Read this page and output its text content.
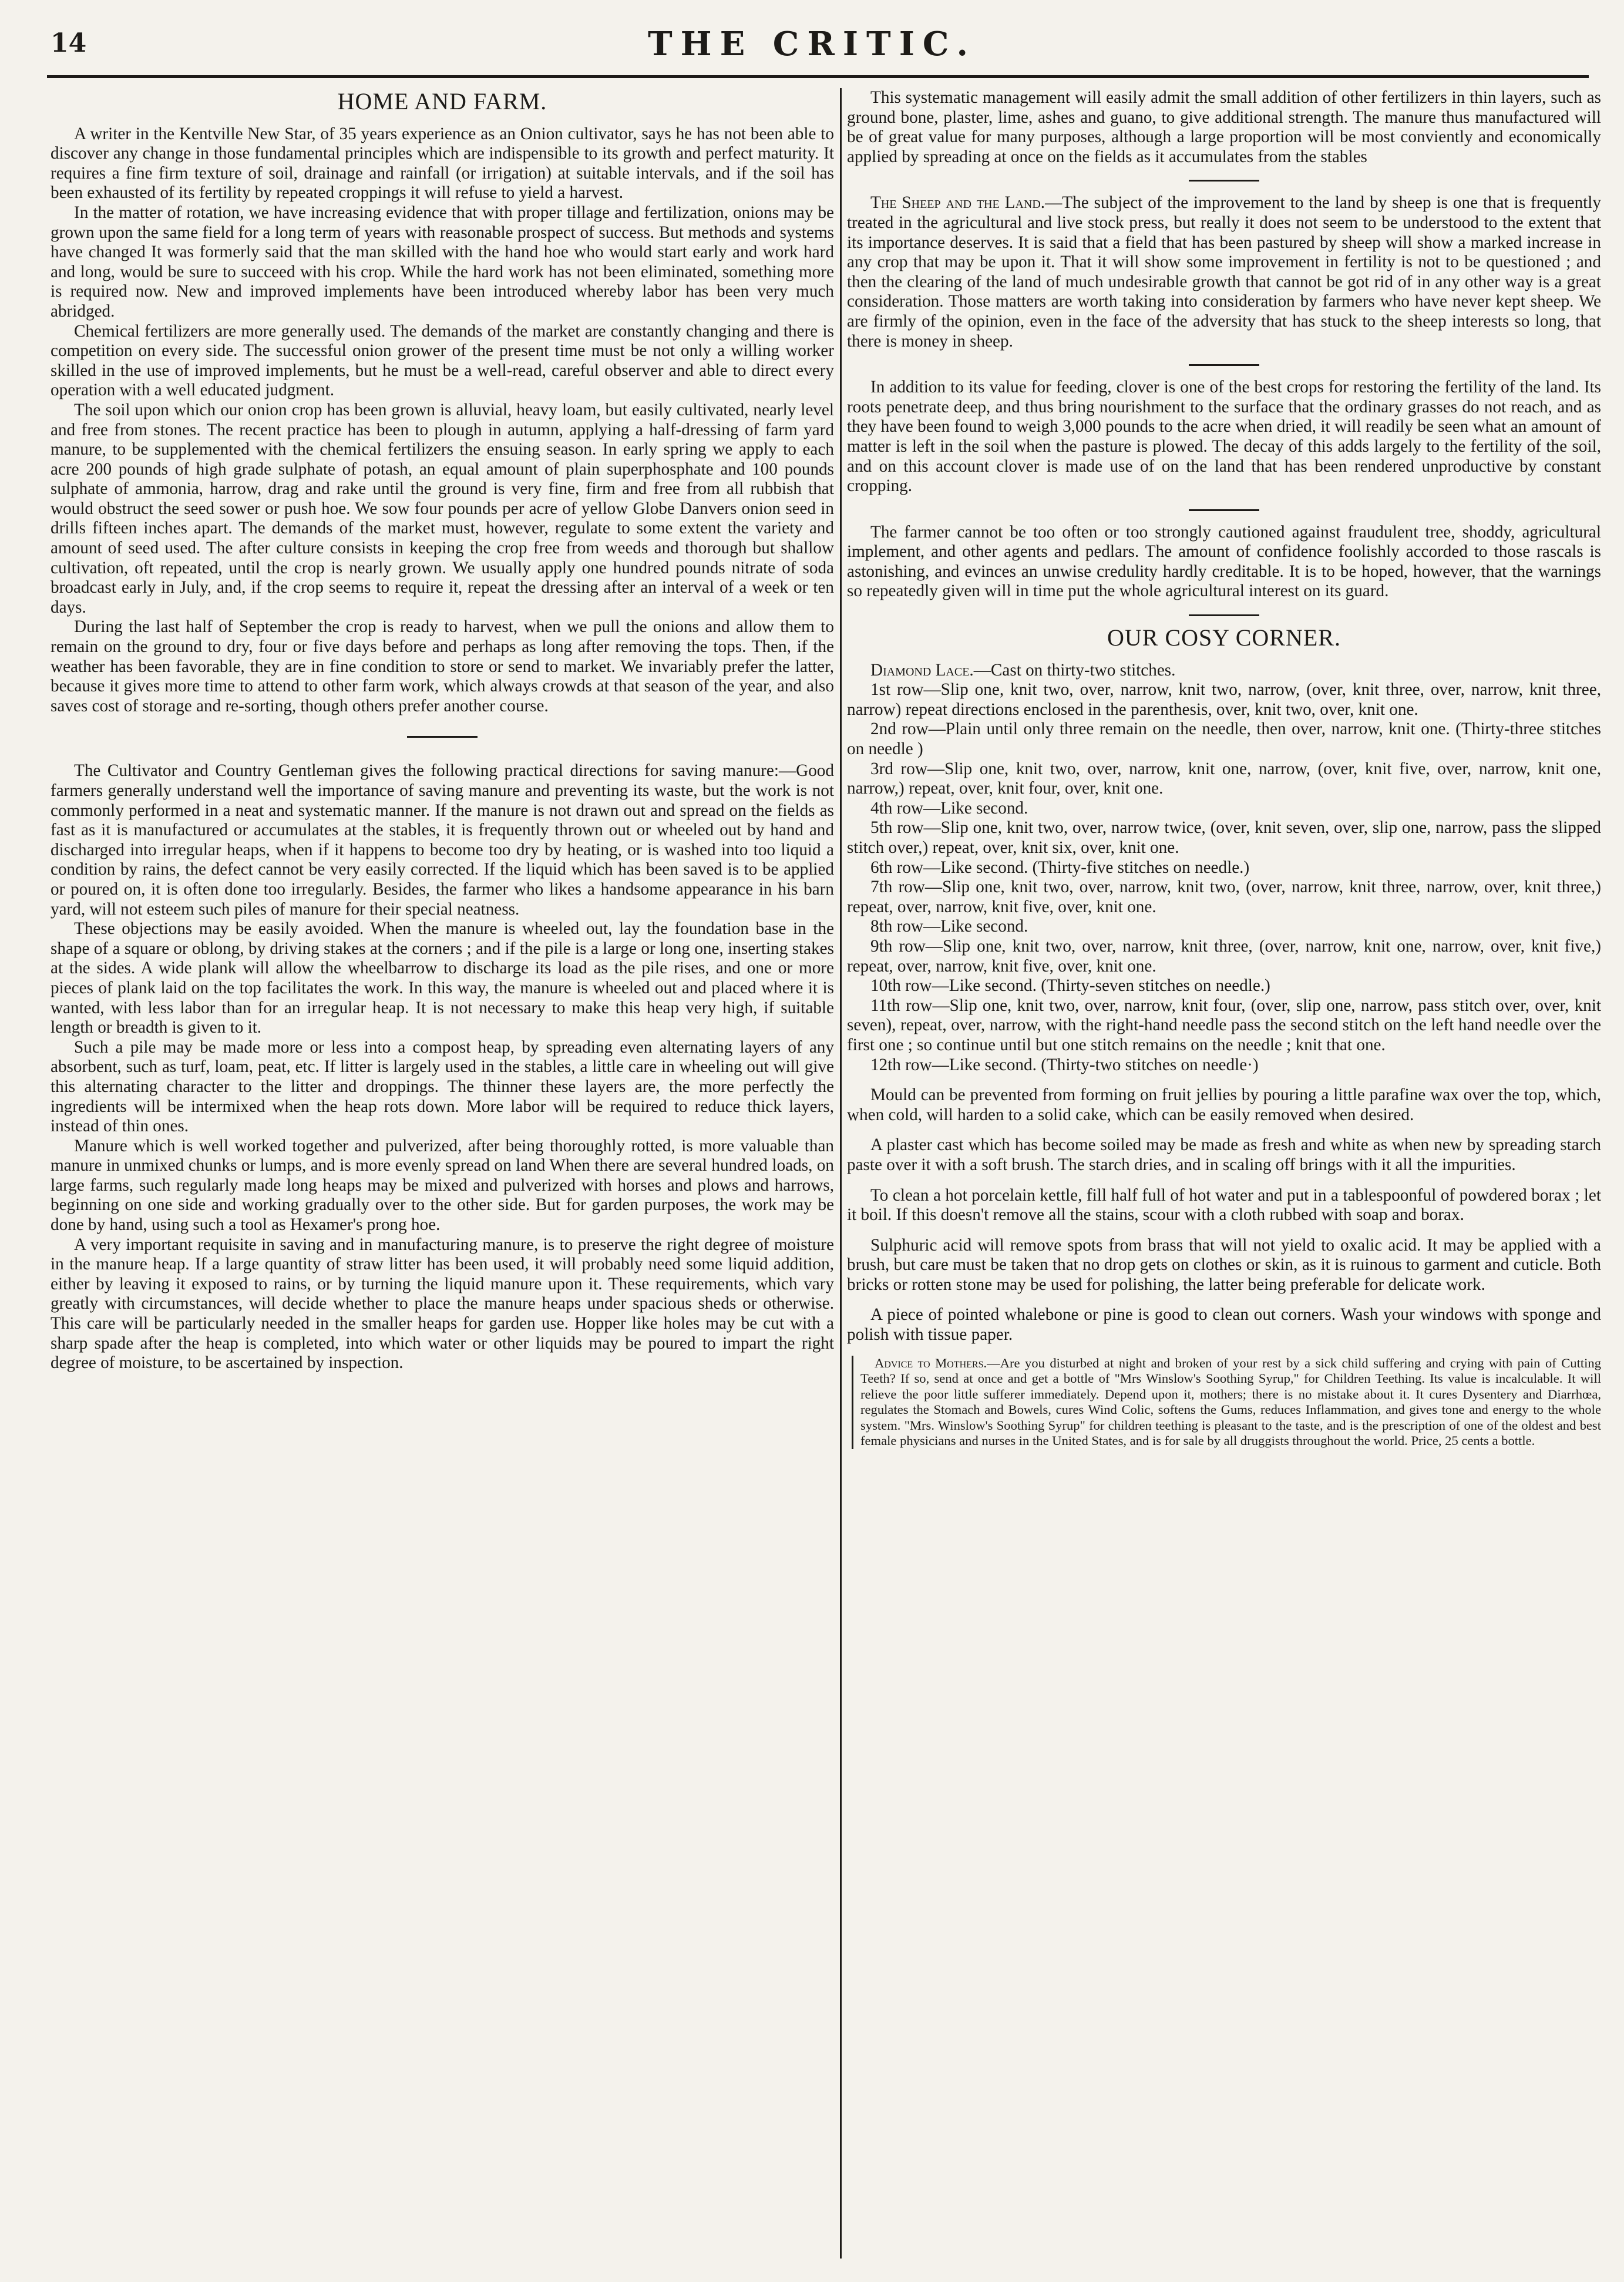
14	THE CRITIC.
HOME AND FARM.

A writer in the Kentville New Star, of 35 years experience as an Onion cultivator, says he has not been able to discover any change in those fundamental principles which are indispensible to its growth and perfect maturity. It requires a fine firm texture of soil, drainage and rainfall (or irrigation) at suitable intervals, and if the soil has been exhausted of its fertility by repeated croppings it will refuse to yield a harvest.

In the matter of rotation, we have increasing evidence that with proper tillage and fertilization, onions may be grown upon the same field for a long term of years with reasonable prospect of success. But methods and systems have changed It was formerly said that the man skilled with the hand hoe who would start early and work hard and long, would be sure to succeed with his crop. While the hard work has not been eliminated, something more is required now. New and improved implements have been introduced whereby labor has been very much abridged.

Chemical fertilizers are more generally used. The demands of the market are constantly changing and there is competition on every side. The successful onion grower of the present time must be not only a willing worker skilled in the use of improved implements, but he must be a well-read, careful observer and able to direct every operation with a well educated judgment.

The soil upon which our onion crop has been grown is alluvial, heavy loam, but easily cultivated, nearly level and free from stones. The recent practice has been to plough in autumn, applying a half-dressing of farm yard manure, to be supplemented with the chemical fertilizers the ensuing season. In early spring we apply to each acre 200 pounds of high grade sulphate of potash, an equal amount of plain superphosphate and 100 pounds sulphate of ammonia, harrow, drag and rake until the ground is very fine, firm and free from all rubbish that would obstruct the seed sower or push hoe. We sow four pounds per acre of yellow Globe Danvers onion seed in drills fifteen inches apart. The demands of the market must, however, regulate to some extent the variety and amount of seed used. The after culture consists in keeping the crop free from weeds and thorough but shallow cultivation, oft repeated, until the crop is nearly grown. We usually apply one hundred pounds nitrate of soda broadcast early in July, and, if the crop seems to require it, repeat the dressing after an interval of a week or ten days.

During the last half of September the crop is ready to harvest, when we pull the onions and allow them to remain on the ground to dry, four or five days before and perhaps as long after removing the tops. Then, if the weather has been favorable, they are in fine condition to store or send to market. We invariably prefer the latter, because it gives more time to attend to other farm work, which always crowds at that season of the year, and also saves cost of storage and re-sorting, though others prefer another course.

The Cultivator and Country Gentleman gives the following practical directions for saving manure:—Good farmers generally understand well the importance of saving manure and preventing its waste, but the work is not commonly performed in a neat and systematic manner. If the manure is not drawn out and spread on the fields as fast as it is manufactured or accumulates at the stables, it is frequently thrown out or wheeled out by hand and discharged into irregular heaps, when if it happens to become too dry by heating, or is washed into too liquid a condition by rains, the defect cannot be very easily corrected. If the liquid which has been saved is to be applied or poured on, it is often done too irregularly. Besides, the farmer who likes a handsome appearance in his barn yard, will not esteem such piles of manure for their special neatness.

These objections may be easily avoided. When the manure is wheeled out, lay the foundation base in the shape of a square or oblong, by driving stakes at the corners ; and if the pile is a large or long one, inserting stakes at the sides. A wide plank will allow the wheelbarrow to discharge its load as the pile rises, and one or more pieces of plank laid on the top facilitates the work. In this way, the manure is wheeled out and placed where it is wanted, with less labor than for an irregular heap. It is not necessary to make this heap very high, if suitable length or breadth is given to it.

Such a pile may be made more or less into a compost heap, by spreading even alternating layers of any absorbent, such as turf, loam, peat, etc. If litter is largely used in the stables, a little care in wheeling out will give this alternating character to the litter and droppings. The thinner these layers are, the more perfectly the ingredients will be intermixed when the heap rots down. More labor will be required to reduce thick layers, instead of thin ones.

Manure which is well worked together and pulverized, after being thoroughly rotted, is more valuable than manure in unmixed chunks or lumps, and is more evenly spread on land When there are several hundred loads, on large farms, such regularly made long heaps may be mixed and pulverized with horses and plows and harrows, beginning on one side and working gradually over to the other side. But for garden purposes, the work may be done by hand, using such a tool as Hexamer's prong hoe.

A very important requisite in saving and in manufacturing manure, is to preserve the right degree of moisture in the manure heap. If a large quantity of straw litter has been used, it will probably need some liquid addition, either by leaving it exposed to rains, or by turning the liquid manure upon it. These requirements, which vary greatly with circumstances, will decide whether to place the manure heaps under spacious sheds or otherwise. This care will be particularly needed in the smaller heaps for garden use. Hopper like holes may be cut with a sharp spade after the heap is completed, into which water or other liquids may be poured to impart the right degree of moisture, to be ascertained by inspection.

This systematic management will easily admit the small addition of other fertilizers in thin layers, such as ground bone, plaster, lime, ashes and guano, to give additional strength. The manure thus manufactured will be of great value for many purposes, although a large proportion will be most conviently and economically applied by spreading at once on the fields as it accumulates from the stables

The Sheep and the Land.—The subject of the improvement to the land by sheep is one that is frequently treated in the agricultural and live stock press, but really it does not seem to be understood to the extent that its importance deserves. It is said that a field that has been pastured by sheep will show a marked increase in any crop that may be upon it. That it will show some improvement in fertility is not to be questioned ; and then the clearing of the land of much undesirable growth that cannot be got rid of in any other way is a great consideration. Those matters are worth taking into consideration by farmers who have never kept sheep. We are firmly of the opinion, even in the face of the adversity that has stuck to the sheep interests so long, that there is money in sheep.

In addition to its value for feeding, clover is one of the best crops for restoring the fertility of the land. Its roots penetrate deep, and thus bring nourishment to the surface that the ordinary grasses do not reach, and as they have been found to weigh 3,000 pounds to the acre when dried, it will readily be seen what an amount of matter is left in the soil when the pasture is plowed. The decay of this adds largely to the fertility of the soil, and on this account clover is made use of on the land that has been rendered unproductive by constant cropping.

The farmer cannot be too often or too strongly cautioned against fraudulent tree, shoddy, agricultural implement, and other agents and pedlars. The amount of confidence foolishly accorded to those rascals is astonishing, and evinces an unwise credulity hardly creditable. It is to be hoped, however, that the warnings so repeatedly given will in time put the whole agricultural interest on its guard.

OUR COSY CORNER.

Diamond Lace.—Cast on thirty-two stitches.

1st row—Slip one, knit two, over, narrow, knit two, narrow, (over, knit three, over, narrow, knit three, narrow) repeat directions enclosed in the parenthesis, over, knit two, over, knit one.

2nd row—Plain until only three remain on the needle, then over, narrow, knit one. (Thirty-three stitches on needle )

3rd row—Slip one, knit two, over, narrow, knit one, narrow, (over, knit five, over, narrow, knit one, narrow,) repeat, over, knit four, over, knit one.

4th row—Like second.

5th row—Slip one, knit two, over, narrow twice, (over, knit seven, over, slip one, narrow, pass the slipped stitch over,) repeat, over, knit six, over, knit one.

6th row—Like second. (Thirty-five stitches on needle.)

7th row—Slip one, knit two, over, narrow, knit two, (over, narrow, knit three, narrow, over, knit three,) repeat, over, narrow, knit five, over, knit one.

8th row—Like second.

9th row—Slip one, knit two, over, narrow, knit three, (over, narrow, knit one, narrow, over, knit five,) repeat, over, narrow, knit five, over, knit one.

10th row—Like second. (Thirty-seven stitches on needle.)

11th row—Slip one, knit two, over, narrow, knit four, (over, slip one, narrow, pass stitch over, over, knit seven), repeat, over, narrow, with the right-hand needle pass the second stitch on the left hand needle over the first one ; so continue until but one stitch remains on the needle ; knit that one.

12th row—Like second. (Thirty-two stitches on needle·)

Mould can be prevented from forming on fruit jellies by pouring a little parafine wax over the top, which, when cold, will harden to a solid cake, which can be easily removed when desired.

A plaster cast which has become soiled may be made as fresh and white as when new by spreading starch paste over it with a soft brush. The starch dries, and in scaling off brings with it all the impurities.

To clean a hot porcelain kettle, fill half full of hot water and put in a tablespoonful of powdered borax ; let it boil. If this doesn't remove all the stains, scour with a cloth rubbed with soap and borax.

Sulphuric acid will remove spots from brass that will not yield to oxalic acid. It may be applied with a brush, but care must be taken that no drop gets on clothes or skin, as it is ruinous to garment and cuticle. Both bricks or rotten stone may be used for polishing, the latter being preferable for delicate work.

A piece of pointed whalebone or pine is good to clean out corners. Wash your windows with sponge and polish with tissue paper.

Advice to Mothers.—Are you disturbed at night and broken of your rest by a sick child suffering and crying with pain of Cutting Teeth? If so, send at once and get a bottle of "Mrs Winslow's Soothing Syrup," for Children Teething. Its value is incalculable. It will relieve the poor little sufferer immediately. Depend upon it, mothers; there is no mistake about it. It cures Dysentery and Diarrhœa, regulates the Stomach and Bowels, cures Wind Colic, softens the Gums, reduces Inflammation, and gives tone and energy to the whole system. "Mrs. Winslow's Soothing Syrup" for children teething is pleasant to the taste, and is the prescription of one of the oldest and best female physicians and nurses in the United States, and is for sale by all druggists throughout the world. Price, 25 cents a bottle.
